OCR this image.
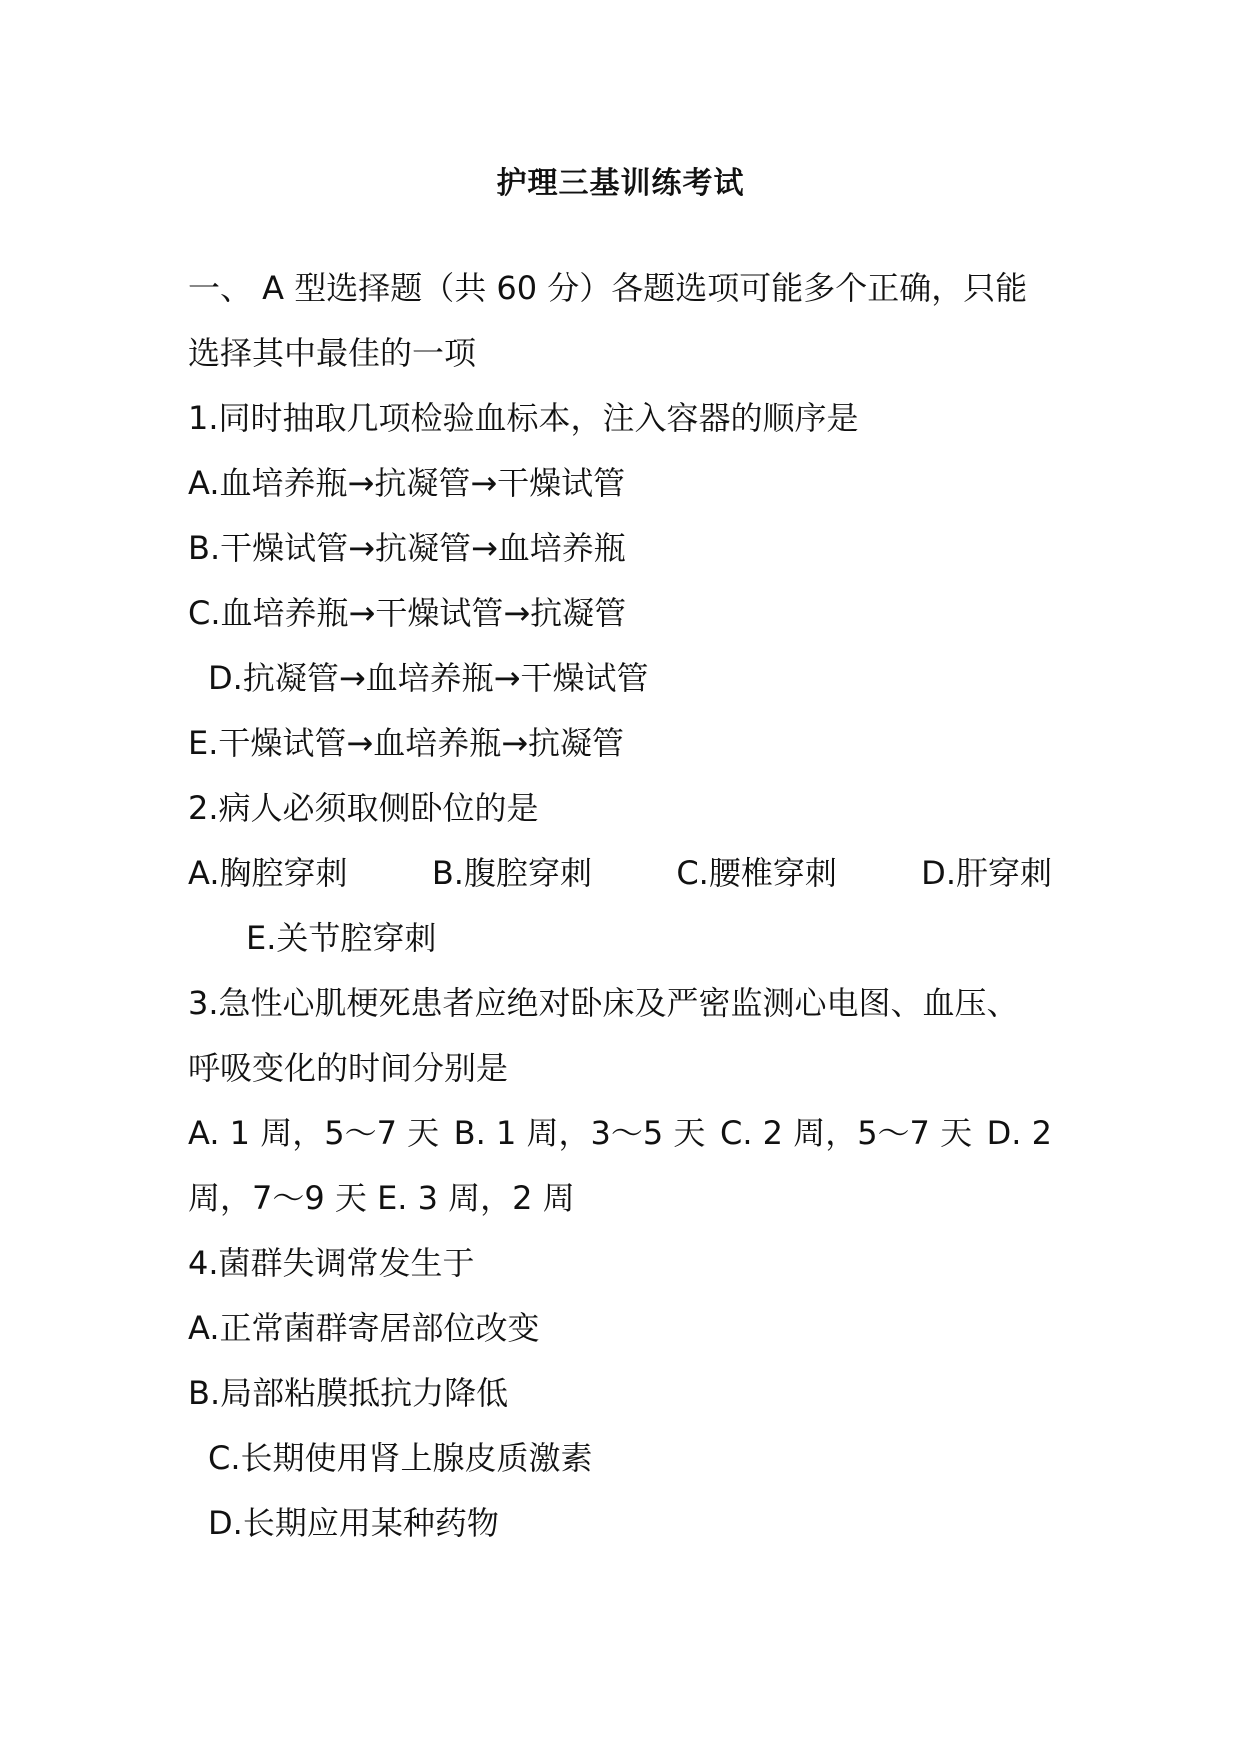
护理三基训练考试
一、 A 型选择题（共 60 分）各题选项可能多个正确，只能
选择其中最佳的一项
1.同时抽取几项检验血标本，注入容器的顺序是
A.血培养瓶→抗凝管→干燥试管
B.干燥试管→抗凝管→血培养瓶
C.血培养瓶→干燥试管→抗凝管
D.抗凝管→血培养瓶→干燥试管
E.干燥试管→血培养瓶→抗凝管
2.病人必须取侧卧位的是
A.胸腔穿刺	B.腹腔穿刺	C.腰椎穿刺	D.肝穿刺
E.关节腔穿刺
3.急性心肌梗死患者应绝对卧床及严密监测心电图、血压、
呼吸变化的时间分别是
A. 1 周，5～7 天 B. 1 周，3～5 天 C. 2 周，5～7 天 D. 2
周，7～9 天 E. 3 周，2 周
4.菌群失调常发生于
A.正常菌群寄居部位改变
B.局部粘膜抵抗力降低
C.长期使用肾上腺皮质激素
D.长期应用某种药物
